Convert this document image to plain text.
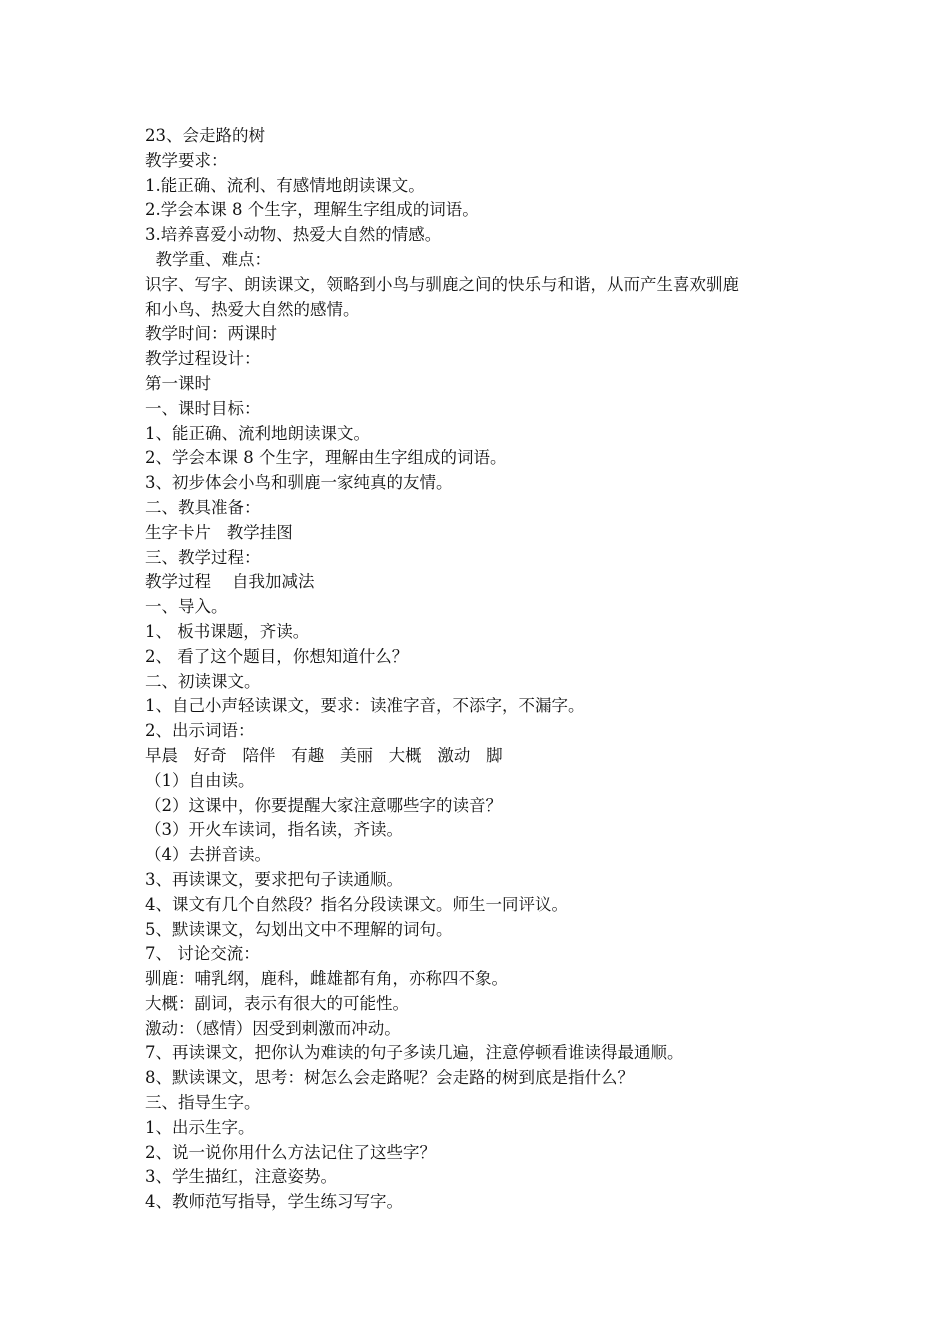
23、会走路的树

教学要求：

1.能正确、流利、有感情地朗读课文。

2.学会本课 8 个生字，理解生字组成的词语。

3.培养喜爱小动物、热爱大自然的情感。

教学重、难点：

识字、写字、朗读课文，领略到小鸟与驯鹿之间的快乐与和谐，从而产生喜欢驯鹿

和小鸟、热爱大自然的感情。

教学时间：两课时

教学过程设计：

第一课时

一、课时目标：

1、能正确、流利地朗读课文。

2、学会本课 8 个生字，理解由生字组成的词语。

3、初步体会小鸟和驯鹿一家纯真的友情。

二、教具准备：

生字卡片   教学挂图

三、教学过程：

教学过程    自我加减法

一、导入。

1、 板书课题，齐读。

2、 看了这个题目，你想知道什么？

二、初读课文。

1、自己小声轻读课文，要求：读准字音，不添字，不漏字。

2、出示词语：

早晨   好奇   陪伴   有趣   美丽   大概   激动   脚

（1）自由读。

（2）这课中，你要提醒大家注意哪些字的读音？

（3）开火车读词，指名读，齐读。

（4）去拼音读。

3、再读课文，要求把句子读通顺。

4、课文有几个自然段？指名分段读课文。师生一同评议。

5、默读课文，勾划出文中不理解的词句。

7、 讨论交流：

驯鹿：哺乳纲，鹿科，雌雄都有角，亦称四不象。

大概：副词，表示有很大的可能性。

激动：（感情）因受到刺激而冲动。

7、再读课文，把你认为难读的句子多读几遍，注意停顿看谁读得最通顺。

8、默读课文，思考：树怎么会走路呢？会走路的树到底是指什么？

三、指导生字。

1、出示生字。

2、说一说你用什么方法记住了这些字？

3、学生描红，注意姿势。

4、教师范写指导，学生练习写字。
